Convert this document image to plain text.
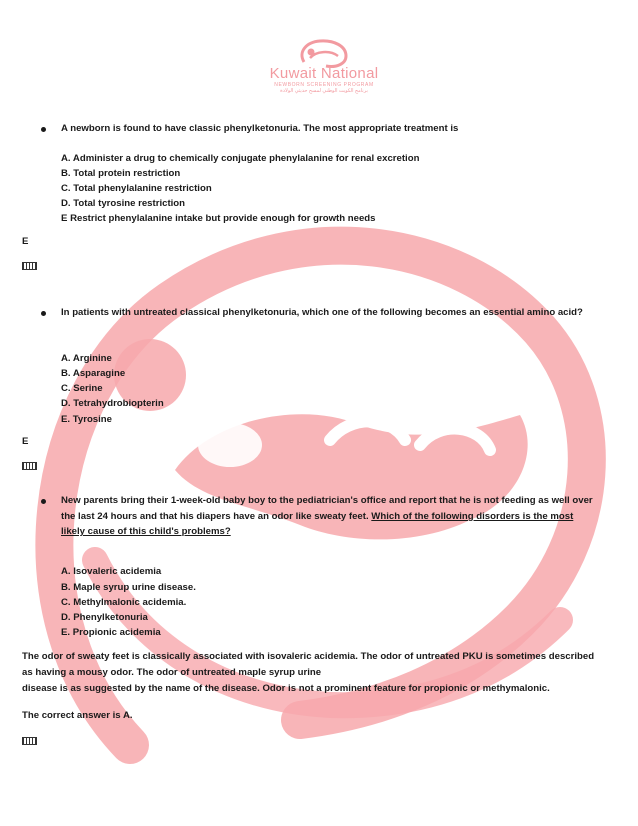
Kuwait National
NEWBORN SCREENING PROGRAM
برنامج الكويت الوطني لمسح حديثي الولادة
A newborn is found to have classic phenylketonuria. The most appropriate treatment is
A. Administer a drug to chemically conjugate phenylalanine for renal excretion
B. Total protein restriction
C. Total phenylalanine restriction
D. Total tyrosine restriction
E Restrict phenylalanine intake but provide enough for growth needs
E
In patients with untreated classical phenylketonuria, which one of the following becomes an essential amino acid?
A. Arginine
B. Asparagine
C. Serine
D. Tetrahydrobiopterin
E. Tyrosine
E
New parents bring their 1-week-old baby boy to the pediatrician's office and report that he is not feeding as well over
the last 24 hours and that his diapers have an odor like sweaty feet. Which of the following disorders is the most
likely cause of this child's problems?
A. Isovaleric acidemia
B. Maple syrup urine disease.
C. Methylmalonic acidemia.
D. Phenylketonuria
E. Propionic acidemia
The odor of sweaty feet is classically associated with isovaleric acidemia. The odor of untreated PKU is sometimes described
as having a mousy odor. The odor of untreated maple syrup urine
disease is as suggested by the name of the disease. Odor is not a prominent feature for propionic or methymalonic.
The correct answer is A.
